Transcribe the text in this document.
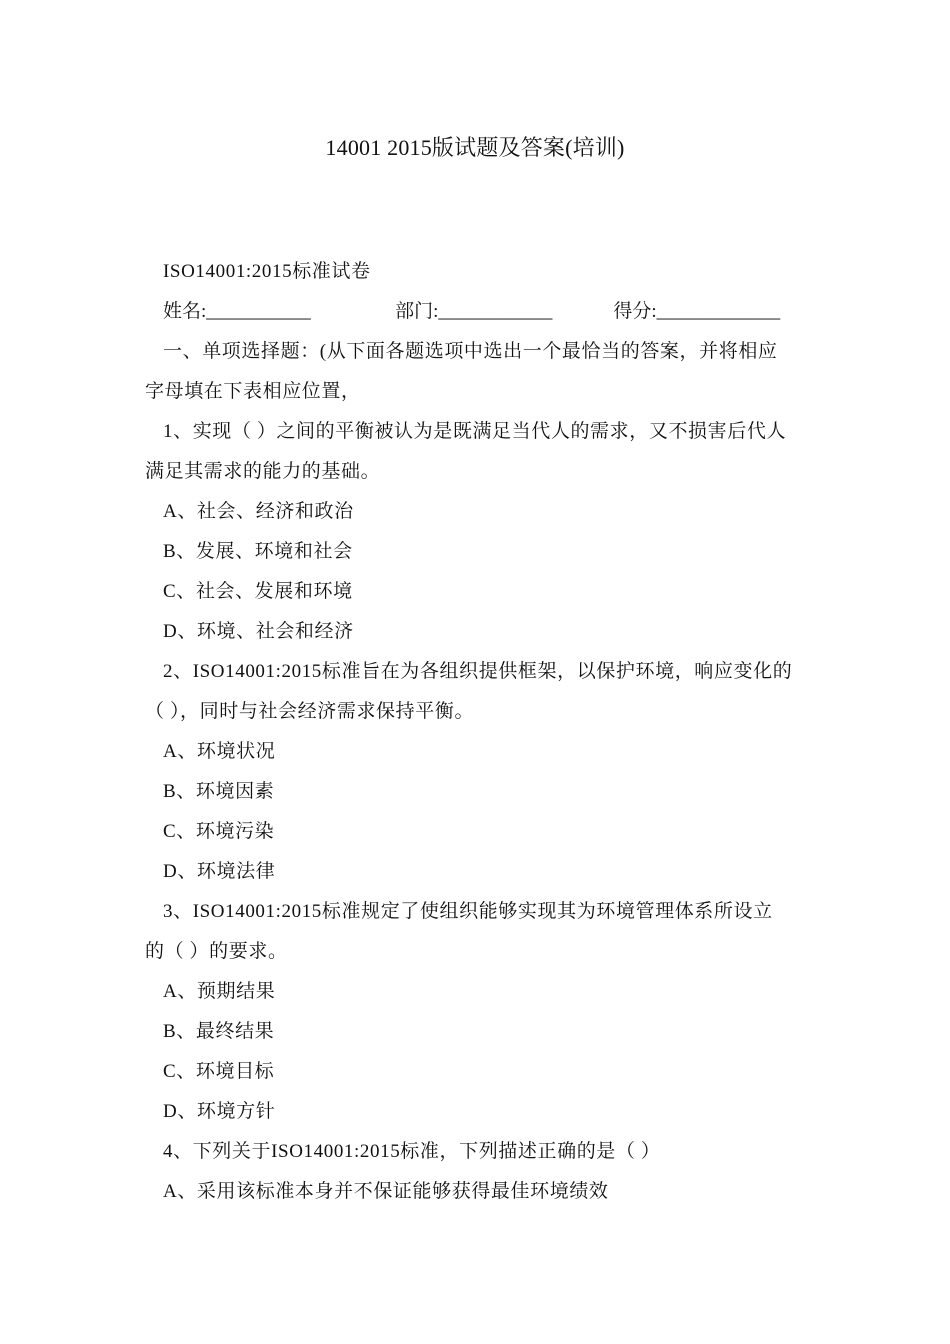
14001 2015版试题及答案(培训)
ISO14001:2015标准试卷
姓名:___________	部门:____________	得分:_____________
一、单项选择题：(从下面各题选项中选出一个最恰当的答案，并将相应
字母填在下表相应位置，
1、实现（ ）之间的平衡被认为是既满足当代人的需求，又不损害后代人
满足其需求的能力的基础。
A、社会、经济和政治
B、发展、环境和社会
C、社会、发展和环境
D、环境、社会和经济
2、ISO14001:2015标准旨在为各组织提供框架，以保护环境，响应变化的
（ ），同时与社会经济需求保持平衡。
A、环境状况
B、环境因素
C、环境污染
D、环境法律
3、ISO14001:2015标准规定了使组织能够实现其为环境管理体系所设立
的（ ）的要求。
A、预期结果
B、最终结果
C、环境目标
D、环境方针
4、下列关于ISO14001:2015标准，下列描述正确的是（ ）
A、采用该标准本身并不保证能够获得最佳环境绩效
